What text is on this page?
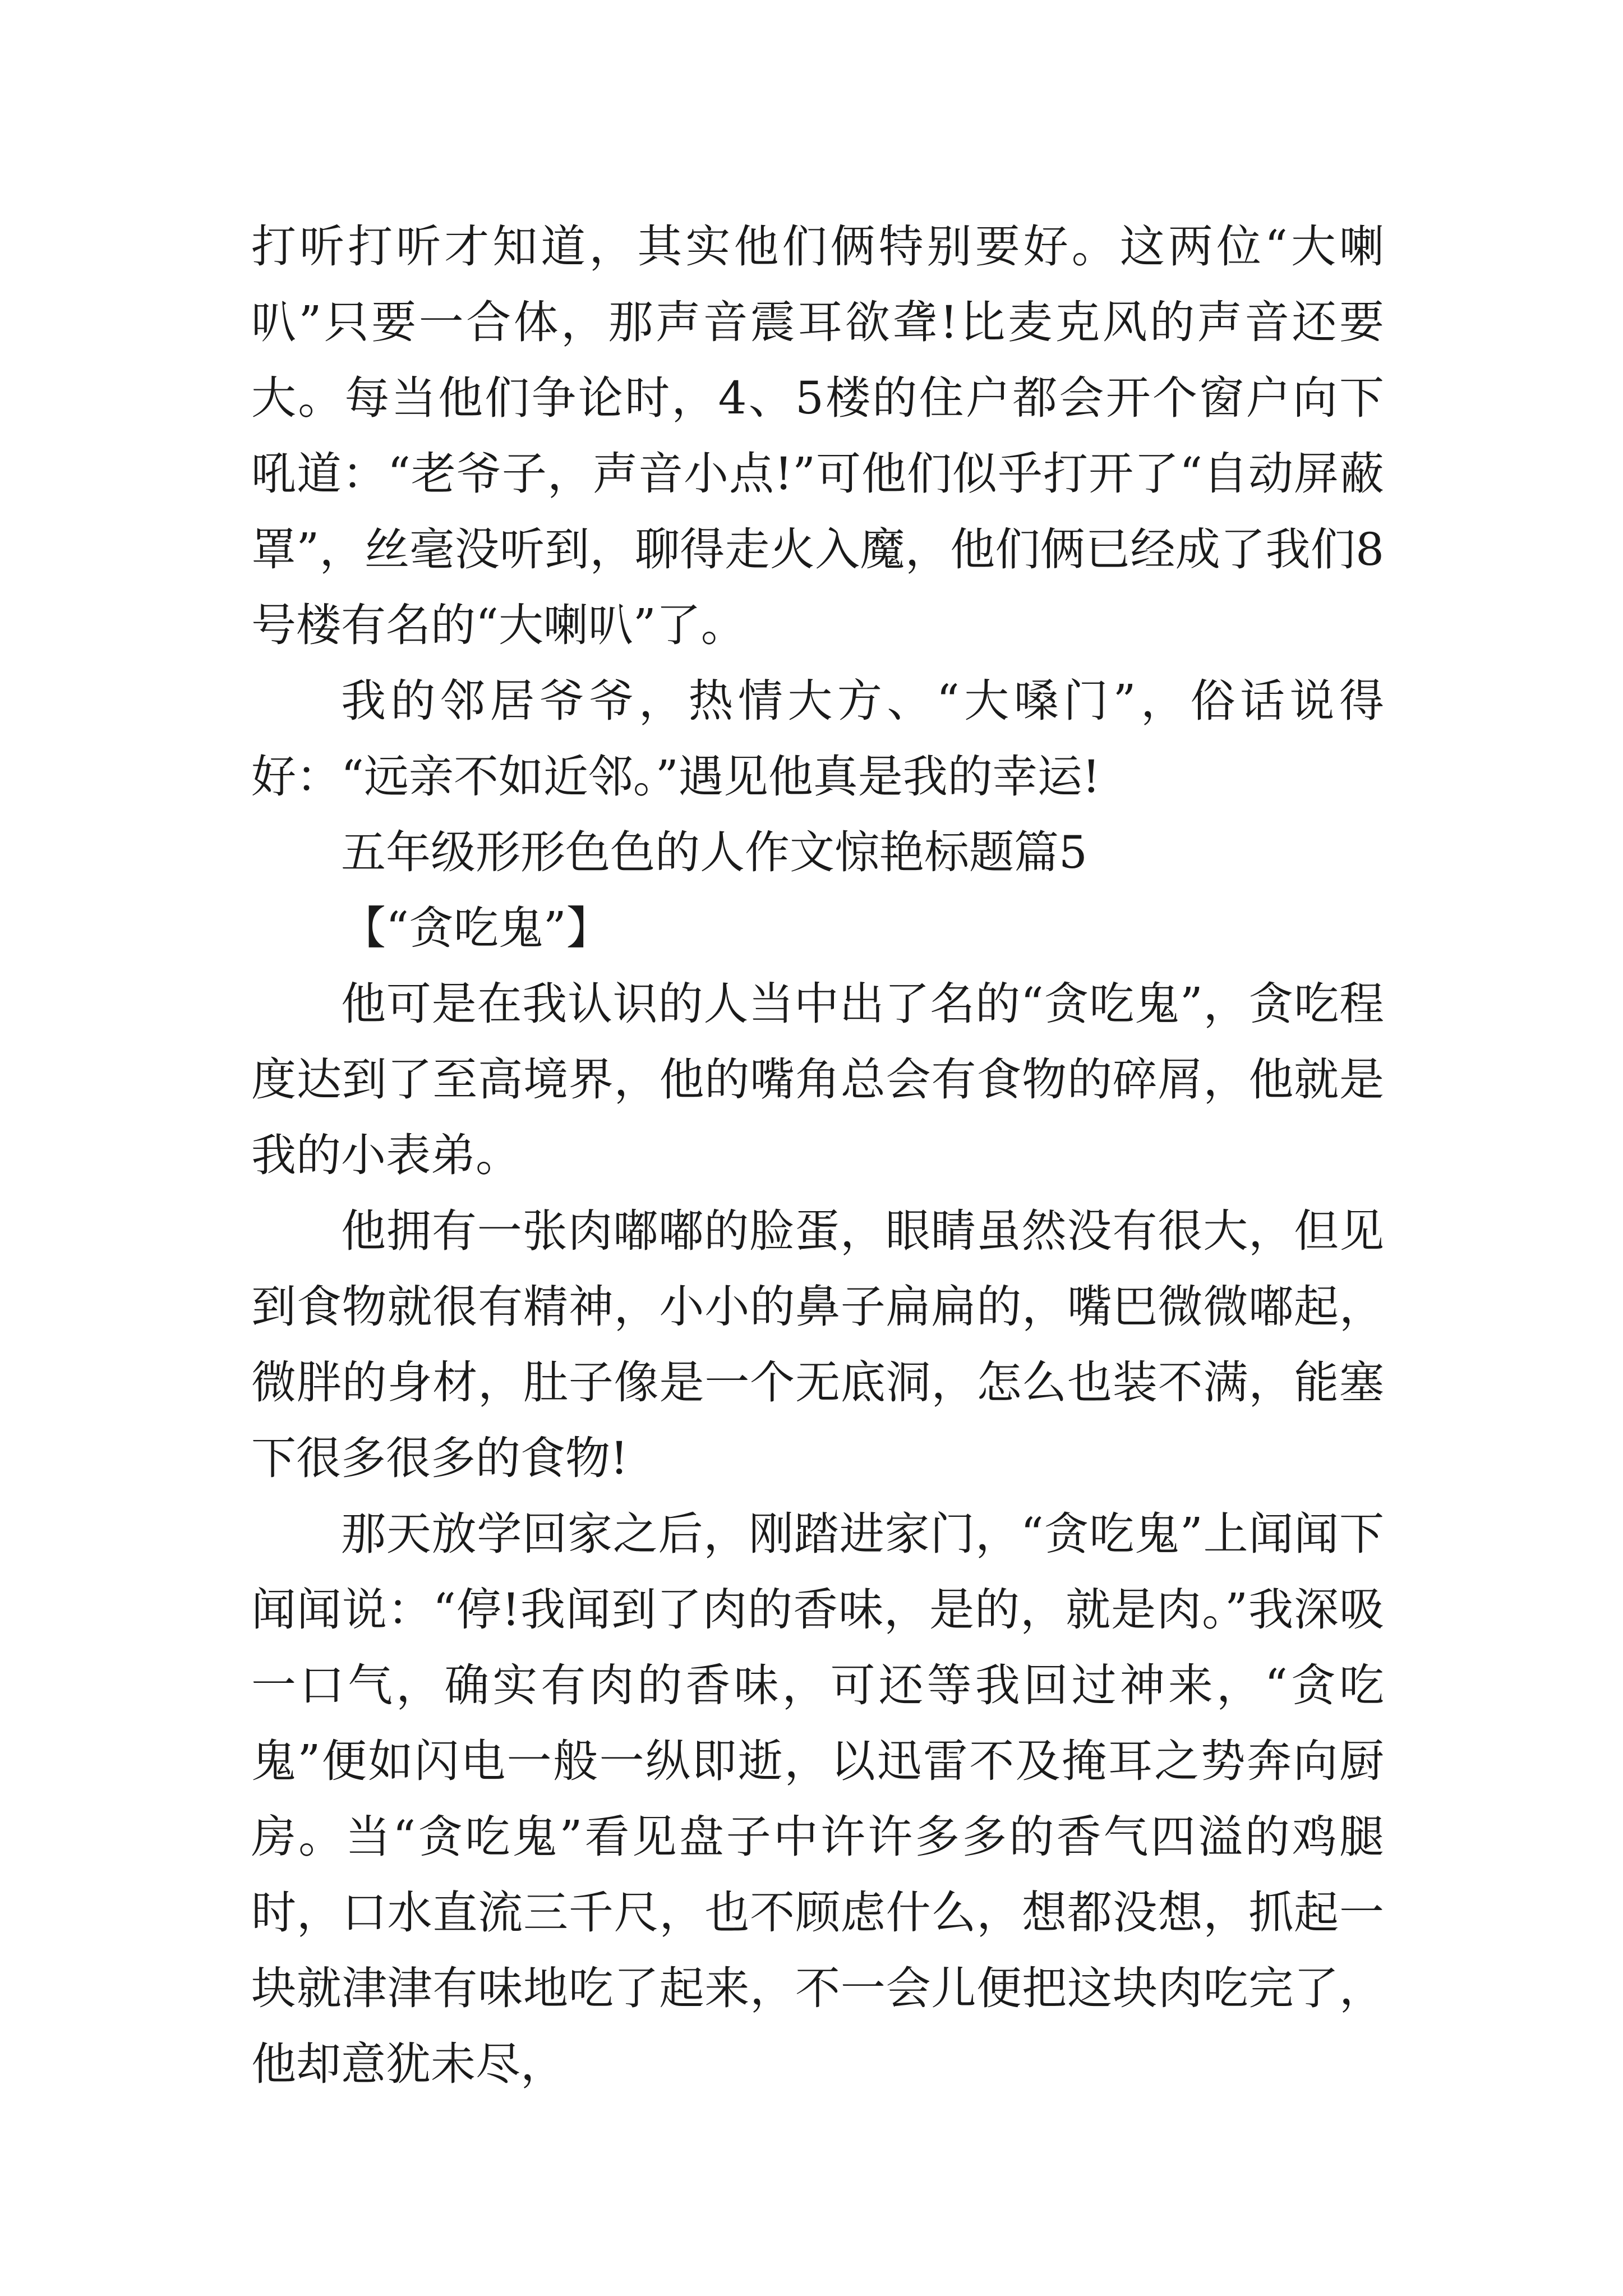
打听打听才知道，其实他们俩特别要好。这两位“大喇叭”只要一合体，那声音震耳欲聋!比麦克风的声音还要大。每当他们争论时，4、5楼的住户都会开个窗户向下吼道：“老爷子，声音小点!”可他们似乎打开了“自动屏蔽罩”，丝毫没听到，聊得走火入魔，他们俩已经成了我们8号楼有名的“大喇叭”了。

我的邻居爷爷，热情大方、“大嗓门”，俗话说得好：“远亲不如近邻。”遇见他真是我的幸运!

五年级形形色色的人作文惊艳标题篇5

【“贪吃鬼”】

他可是在我认识的人当中出了名的“贪吃鬼”，贪吃程度达到了至高境界，他的嘴角总会有食物的碎屑，他就是我的小表弟。

他拥有一张肉嘟嘟的脸蛋，眼睛虽然没有很大，但见到食物就很有精神，小小的鼻子扁扁的，嘴巴微微嘟起，微胖的身材，肚子像是一个无底洞，怎么也装不满，能塞下很多很多的食物!

那天放学回家之后，刚踏进家门，“贪吃鬼”上闻闻下闻闻说：“停!我闻到了肉的香味，是的，就是肉。”我深吸一口气，确实有肉的香味，可还等我回过神来，“贪吃鬼”便如闪电一般一纵即逝，以迅雷不及掩耳之势奔向厨房。当“贪吃鬼”看见盘子中许许多多的香气四溢的鸡腿时，口水直流三千尺，也不顾虑什么，想都没想，抓起一块就津津有味地吃了起来，不一会儿便把这块肉吃完了，他却意犹未尽，
